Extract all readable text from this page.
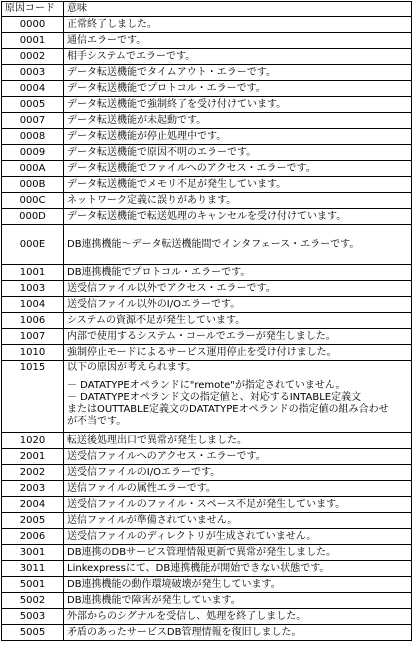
原因コード	意味
0000	正常終了しました。
0001	通信エラーです。
0002	相手システムでエラーです。
0003	データ転送機能でタイムアウト・エラーです。
0004	データ転送機能でプロトコル・エラーです。
0005	データ転送機能で強制終了を受け付けています。
0007	データ転送機能が未起動です。
0008	データ転送機能が停止処理中です。
0009	データ転送機能で原因不明のエラーです。
000A	データ転送機能でファイルへのアクセス・エラーです。
000B	データ転送機能でメモリ不足が発生しています。
000C	ネットワーク定義に誤りがあります。
000D	データ転送機能で転送処理のキャンセルを受け付けています。
000E	DB連携機能～データ転送機能間でインタフェース・エラーです。
1001	DB連携機能でプロトコル・エラーです。
1003	送受信ファイル以外でアクセス・エラーです。
1004	送受信ファイル以外のI/Oエラーです。
1006	システムの資源不足が発生しています。
1007	内部で使用するシステム・コールでエラーが発生しました。
1010	強制停止モードによるサービス運用停止を受け付けました。
1015	以下の原因が考えられます。
－ DATATYPEオペランドに"remote"が指定されていません。
－ DATATYPEオペランド文の指定値と、対応するINTABLE定義文
またはOUTTABLE定義文のDATATYPEオペランドの指定値の組み合わせ
が不当です。

1020	転送後処理出口で異常が発生しました。
2001	送受信ファイルへのアクセス・エラーです。
2002	送受信ファイルのI/Oエラーです。
2003	送信ファイルの属性エラーです。
2004	送受信ファイルのファイル・スペース不足が発生しています。
2005	送信ファイルが準備されていません。
2006	送受信ファイルのディレクトリが生成されていません。
3001	DB連携のDBサービス管理情報更新で異常が発生しました。
3011	Linkexpressにて、DB連携機能が開始できない状態です。
5001	DB連携機能の動作環境破壊が発生しています。
5002	DB連携機能で障害が発生しています。
5003	外部からのシグナルを受信し、処理を終了しました。
5005	矛盾のあったサービスDB管理情報を復旧しました。
